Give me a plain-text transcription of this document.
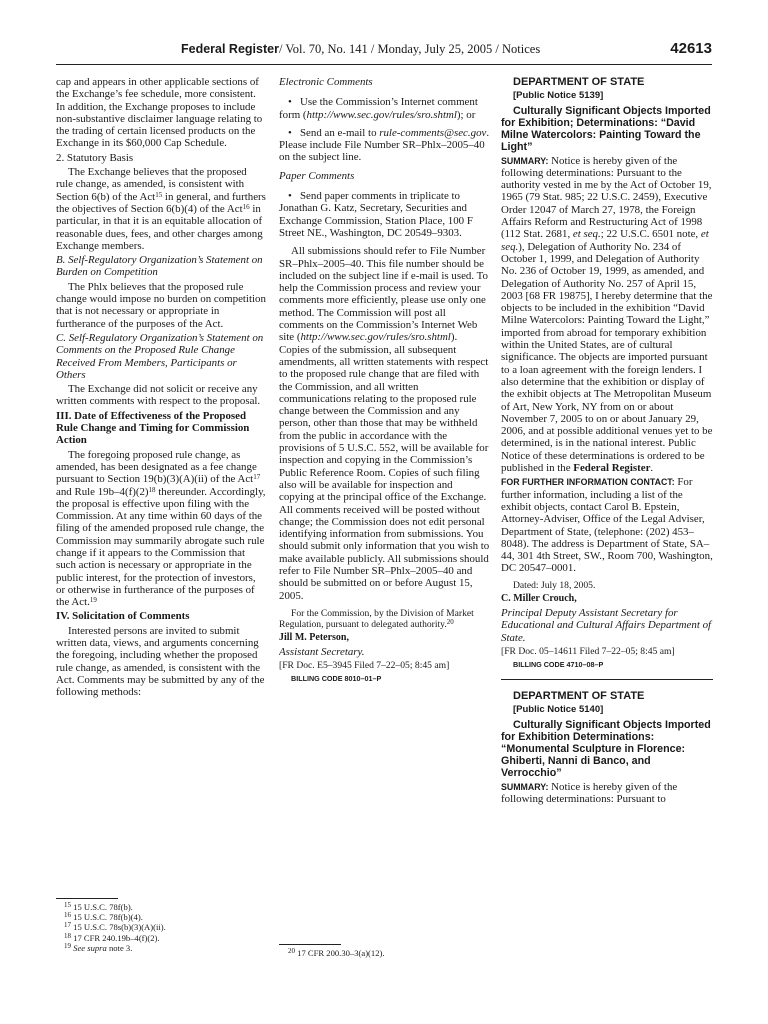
Federal Register/ Vol. 70, No. 141 / Monday, July 25, 2005 / Notices	42613

cap and appears in other applicable sections of the Exchange’s fee schedule, more consistent. In addition, the Exchange proposes to include non-substantive disclaimer language relating to the trading of certain licensed products on the Exchange in its $60,000 Cap Schedule.

2. Statutory Basis

The Exchange believes that the proposed rule change, as amended, is consistent with Section 6(b) of the Act$^{15}$ in general, and furthers the objectives of Section 6(b)(4) of the Act$^{16}$ in particular, in that it is an equitable allocation of reasonable dues, fees, and other charges among Exchange members.

B. Self-Regulatory Organization’s Statement on Burden on Competition

The Phlx believes that the proposed rule change would impose no burden on competition that is not necessary or appropriate in furtherance of the purposes of the Act.

C. Self-Regulatory Organization’s Statement on Comments on the Proposed Rule Change Received From Members, Participants or Others

The Exchange did not solicit or receive any written comments with respect to the proposal.

III. Date of Effectiveness of the Proposed Rule Change and Timing for Commission Action

The foregoing proposed rule change, as amended, has been designated as a fee change pursuant to Section 19(b)(3)(A)(ii) of the Act$^{17}$ and Rule $19b-4(f)(2)^{18}$ thereunder. Accordingly, the proposal is effective upon filing with the Commission. At any time within 60 days of the filing of the amended proposed rule change, the Commission may summarily abrogate such rule change if it appears to the Commission that such action is necessary or appropriate in the public interest, for the protection of investors, or otherwise in furtherance of the purposes of the Act.$^{19}$

IV. Solicitation of Comments

Interested persons are invited to submit written data, views, and arguments concerning the foregoing, including whether the proposed rule change, as amended, is consistent with the Act. Comments may be submitted by any of the following methods:

$^{15}$ 15 U.S.C. 78f(b).
$^{16}$ 15 U.S.C. 78f(b)(4).
$^{17}$ 15 U.S.C. 78s(b)(3)(A)(ii).
$^{18}$ 17 CFR 240.19b–4(f)(2).
$^{19}$ See supra note 3.

Electronic Comments

• Use the Commission’s Internet comment form (http://www.sec.gov/rules/sro.shtml); or

• Send an e-mail to rule-comments@sec.gov. Please include File Number SR–Phlx–2005–40 on the subject line.

Paper Comments

• Send paper comments in triplicate to Jonathan G. Katz, Secretary, Securities and Exchange Commission, Station Place, 100 F Street NE., Washington, DC 20549–9303.

All submissions should refer to File Number SR–Phlx–2005–40. This file number should be included on the subject line if e-mail is used. To help the Commission process and review your comments more efficiently, please use only one method. The Commission will post all comments on the Commission’s Internet Web site (http://www.sec.gov/rules/sro.shtml). Copies of the submission, all subsequent amendments, all written statements with respect to the proposed rule change that are filed with the Commission, and all written communications relating to the proposed rule change between the Commission and any person, other than those that may be withheld from the public in accordance with the provisions of 5 U.S.C. 552, will be available for inspection and copying in the Commission’s Public Reference Room. Copies of such filing also will be available for inspection and copying at the principal office of the Exchange. All comments received will be posted without change; the Commission does not edit personal identifying information from submissions. You should submit only information that you wish to make available publicly. All submissions should refer to File Number SR–Phlx–2005–40 and should be submitted on or before August 15, 2005.

For the Commission, by the Division of Market Regulation, pursuant to delegated authority.$^{20}$

Jill M. Peterson,

Assistant Secretary.

[FR Doc. E5–3945 Filed 7–22–05; 8:45 am]

BILLING CODE 8010–01–P

$^{20}$ 17 CFR 200.30–3(a)(12).

DEPARTMENT OF STATE

[Public Notice 5139]

Culturally Significant Objects Imported for Exhibition; Determinations: “David Milne Watercolors: Painting Toward the Light”

SUMMARY: Notice is hereby given of the following determinations: Pursuant to the authority vested in me by the Act of October 19, 1965 (79 Stat. 985; 22 U.S.C. 2459), Executive Order 12047 of March 27, 1978, the Foreign Affairs Reform and Restructuring Act of 1998 (112 Stat. 2681, et seq.; 22 U.S.C. 6501 note, et seq.), Delegation of Authority No. 234 of October 1, 1999, and Delegation of Authority No. 236 of October 19, 1999, as amended, and Delegation of Authority No. 257 of April 15, 2003 [68 FR 19875], I hereby determine that the objects to be included in the exhibition “David Milne Watercolors: Painting Toward the Light,” imported from abroad for temporary exhibition within the United States, are of cultural significance. The objects are imported pursuant to a loan agreement with the foreign lenders. I also determine that the exhibition or display of the exhibit objects at The Metropolitan Museum of Art, New York, NY from on or about November 7, 2005 to on or about January 29, 2006, and at possible additional venues yet to be determined, is in the national interest. Public Notice of these determinations is ordered to be published in the Federal Register.

FOR FURTHER INFORMATION CONTACT: For further information, including a list of the exhibit objects, contact Carol B. Epstein, Attorney-Adviser, Office of the Legal Adviser, Department of State, (telephone: (202) 453–8048). The address is Department of State, SA–44, 301 4th Street, SW., Room 700, Washington, DC 20547–0001.

Dated: July 18, 2005.

C. Miller Crouch,

Principal Deputy Assistant Secretary for Educational and Cultural Affairs Department of State.

[FR Doc. 05–14611 Filed 7–22–05; 8:45 am]

BILLING CODE 4710–08–P

DEPARTMENT OF STATE

[Public Notice 5140]

Culturally Significant Objects Imported for Exhibition Determinations: “Monumental Sculpture in Florence: Ghiberti, Nanni di Banco, and Verrocchio”

SUMMARY: Notice is hereby given of the following determinations: Pursuant to
